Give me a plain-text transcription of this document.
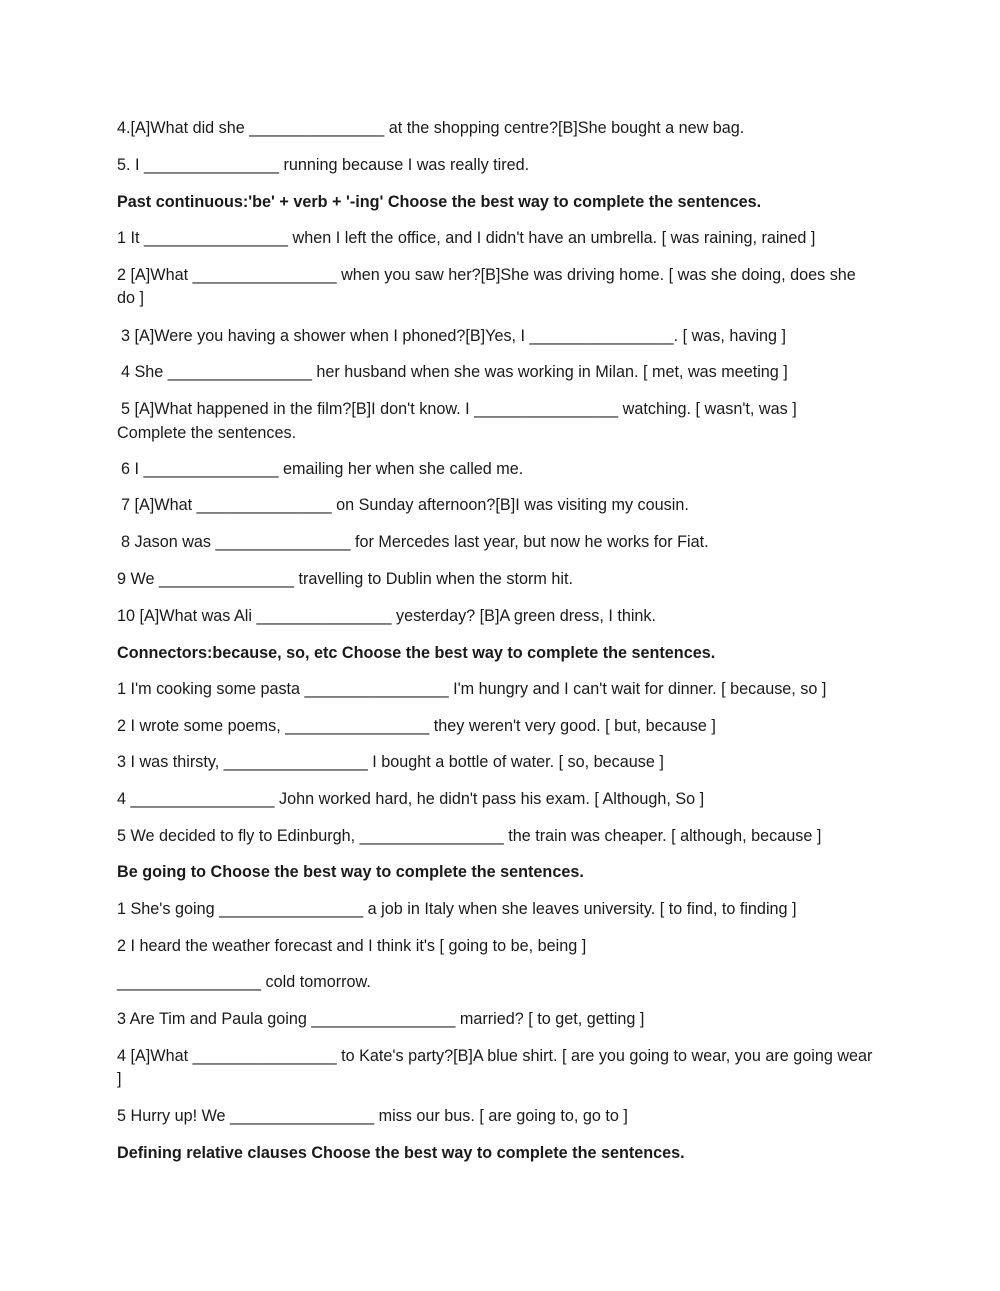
4.[A]What did she _______________ at the shopping centre?[B]She bought a new bag.

5. I _______________ running because I was really tired.

Past continuous:'be' + verb + '-ing' Choose the best way to complete the sentences.

1 It ________________ when I left the office, and I didn't have an umbrella. [ was raining, rained ]

2 [A]What ________________ when you saw her?[B]She was driving home. [ was she doing, does she do ]

3 [A]Were you having a shower when I phoned?[B]Yes, I ________________. [ was, having ]

4 She ________________ her husband when she was working in Milan. [ met, was meeting ]

5 [A]What happened in the film?[B]I don't know. I ________________ watching. [ wasn't, was ]

Complete the sentences.

6 I _______________ emailing her when she called me.

7 [A]What _______________ on Sunday afternoon?[B]I was visiting my cousin.

8 Jason was _______________ for Mercedes last year, but now he works for Fiat.

9 We _______________ travelling to Dublin when the storm hit.

10 [A]What was Ali _______________ yesterday? [B]A green dress, I think.

Connectors:because, so, etc Choose the best way to complete the sentences.

1 I'm cooking some pasta ________________ I'm hungry and I can't wait for dinner. [ because, so ]

2 I wrote some poems, ________________ they weren't very good. [ but, because ]

3 I was thirsty, ________________ I bought a bottle of water. [ so, because ]

4 ________________ John worked hard, he didn't pass his exam. [ Although, So ]

5 We decided to fly to Edinburgh, ________________ the train was cheaper. [ although, because ]

Be going to Choose the best way to complete the sentences.

1 She's going ________________ a job in Italy when she leaves university. [ to find, to finding ]

2 I heard the weather forecast and I think it's [ going to be, being ]

________________ cold tomorrow.

3 Are Tim and Paula going ________________ married? [ to get, getting ]

4 [A]What ________________ to Kate's party?[B]A blue shirt. [ are you going to wear, you are going wear ]

5 Hurry up! We ________________ miss our bus. [ are going to, go to ]

Defining relative clauses Choose the best way to complete the sentences.
